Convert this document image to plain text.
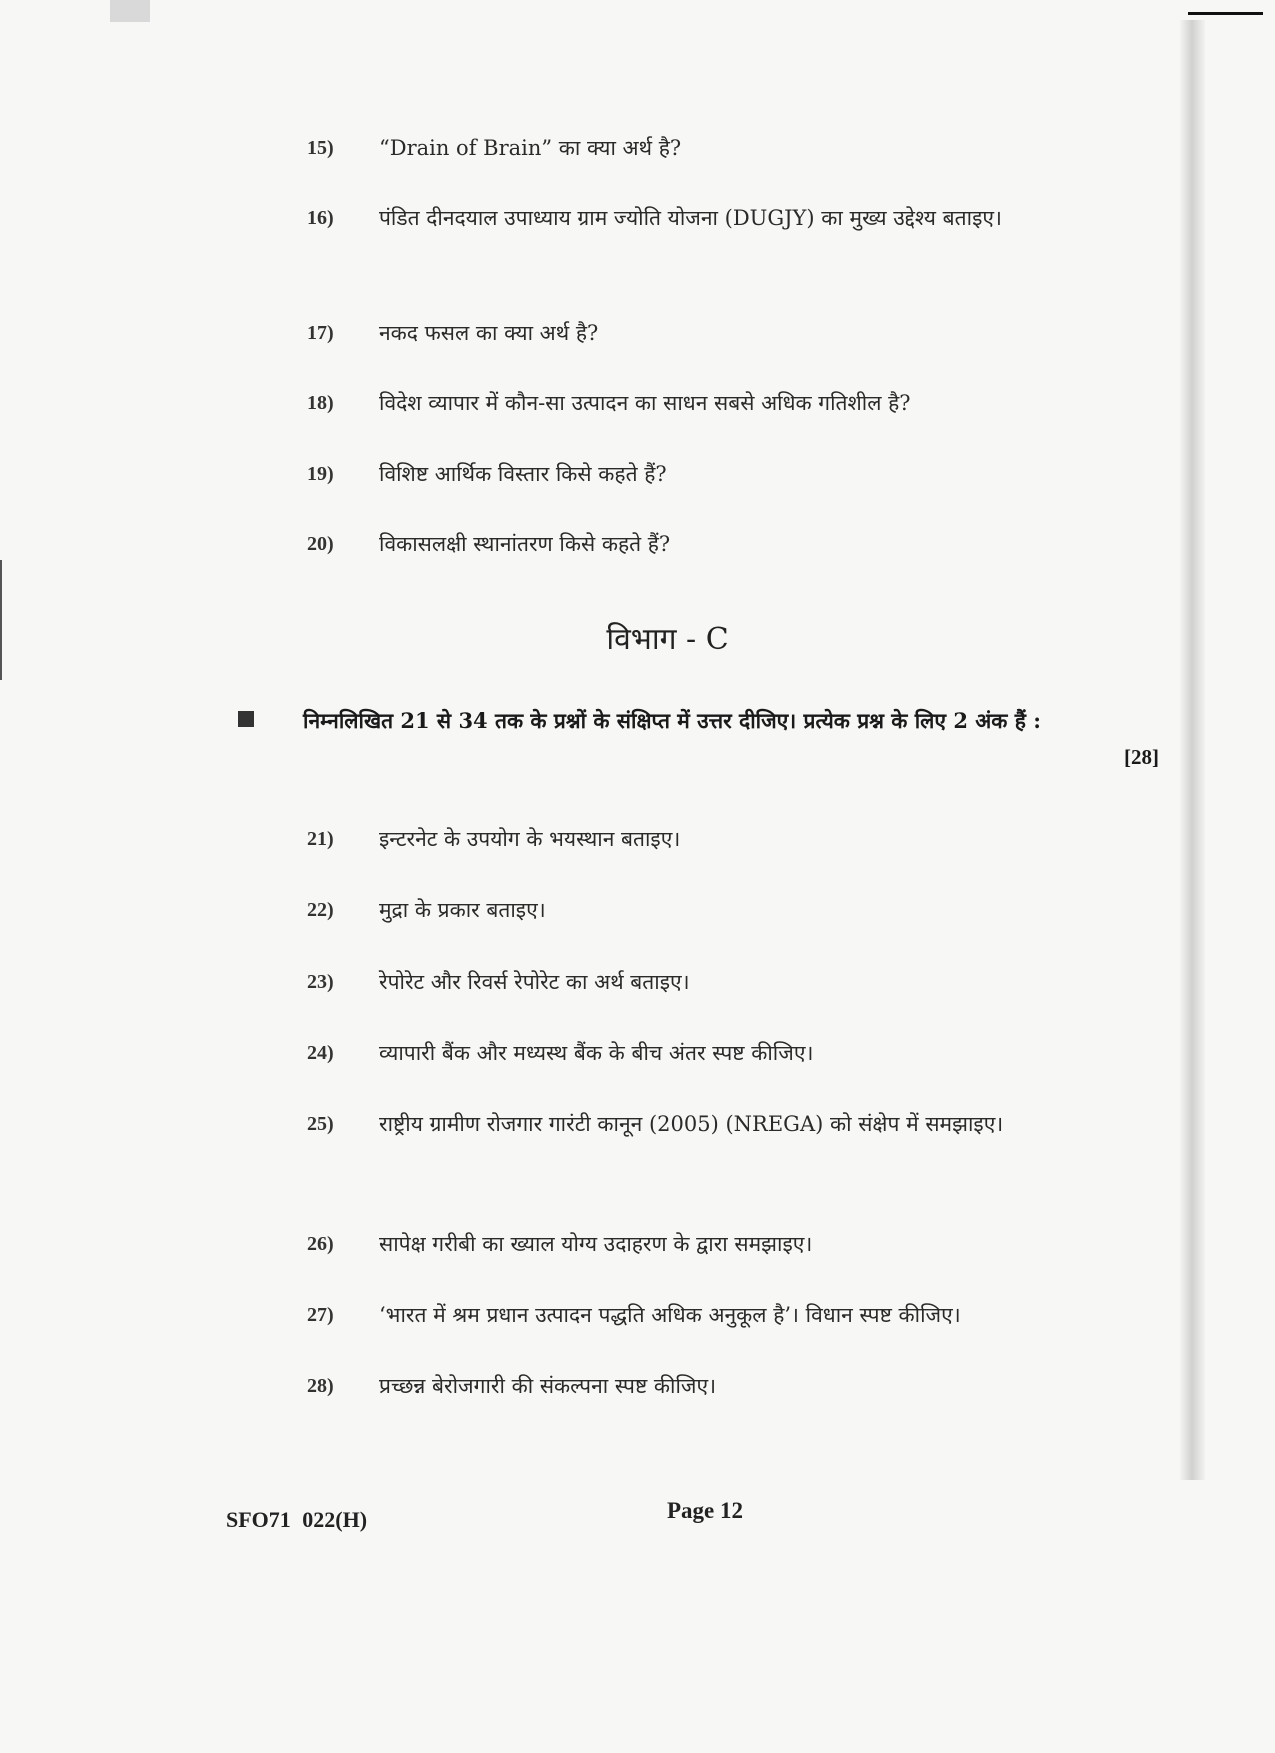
15)	“Drain of Brain” का क्या अर्थ है?
16)	पंडित दीनदयाल उपाध्याय ग्राम ज्योति योजना (DUGJY) का मुख्य उद्देश्य बताइए।
17)	नकद फसल का क्या अर्थ है?
18)	विदेश व्यापार में कौन-सा उत्पादन का साधन सबसे अधिक गतिशील है?
19)	विशिष्ट आर्थिक विस्तार किसे कहते हैं?
20)	विकासलक्षी स्थानांतरण किसे कहते हैं?
विभाग - C
निम्नलिखित 21 से 34 तक के प्रश्नों के संक्षिप्त में उत्तर दीजिए। प्रत्येक प्रश्न के लिए 2 अंक हैं :
[28]
21)	इन्टरनेट के उपयोग के भयस्थान बताइए।
22)	मुद्रा के प्रकार बताइए।
23)	रेपोरेट और रिवर्स रेपोरेट का अर्थ बताइए।
24)	व्यापारी बैंक और मध्यस्थ बैंक के बीच अंतर स्पष्ट कीजिए।
25)	राष्ट्रीय ग्रामीण रोजगार गारंटी कानून (2005) (NREGA) को संक्षेप में समझाइए।
26)	सापेक्ष गरीबी का ख्याल योग्य उदाहरण के द्वारा समझाइए।
27)	‘भारत में श्रम प्रधान उत्पादन पद्धति अधिक अनुकूल है’। विधान स्पष्ट कीजिए।
28)	प्रच्छन्न बेरोजगारी की संकल्पना स्पष्ट कीजिए।
SFO71 022(H)	Page 12
